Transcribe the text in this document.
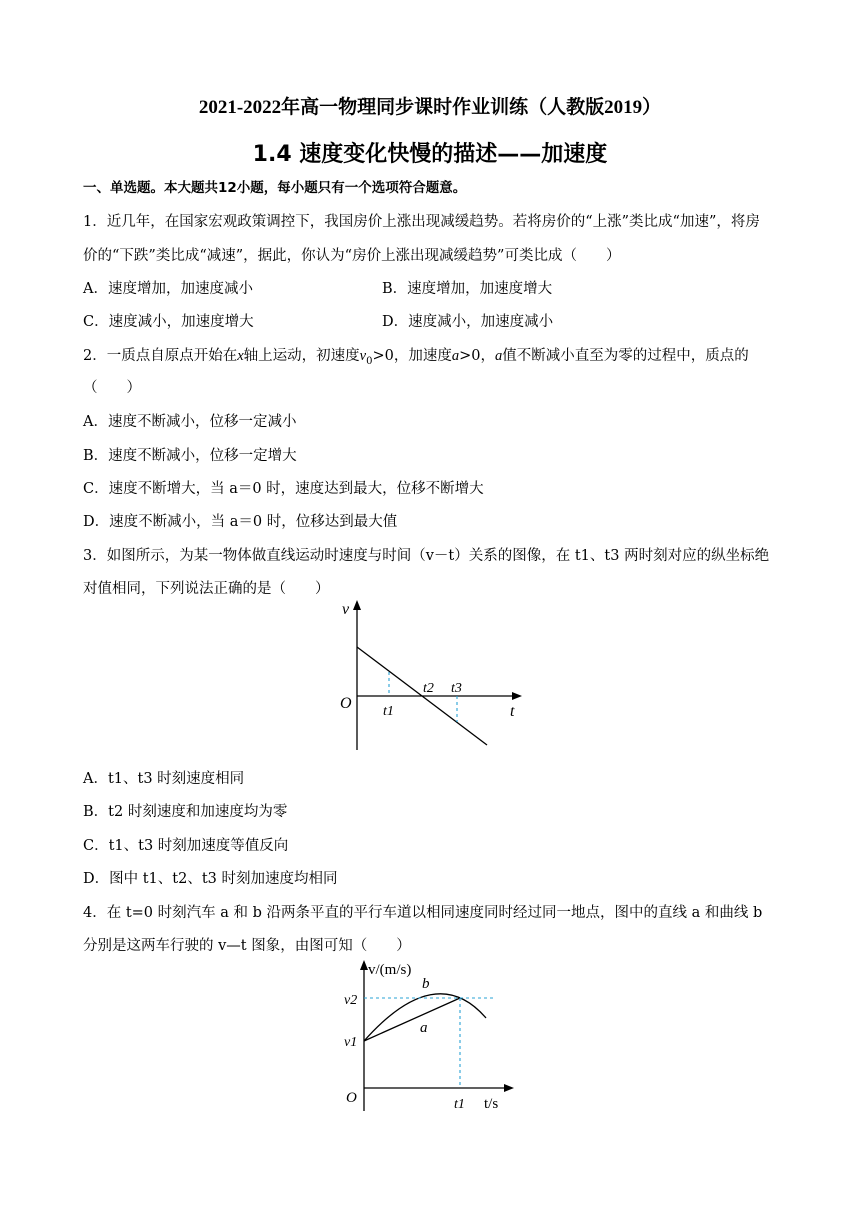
2021-2022年高一物理同步课时作业训练（人教版2019）
1.4 速度变化快慢的描述——加速度
一、单选题。本大题共12小题，每小题只有一个选项符合题意。
1．近几年，在国家宏观政策调控下，我国房价上涨出现减缓趋势。若将房价的“上涨”类比成“加速”，将房
价的“下跌”类比成“减速”，据此，你认为“房价上涨出现减缓趋势”可类比成（　　）
A．速度增加，加速度减小	B．速度增加，加速度增大
C．速度减小，加速度增大	D．速度减小，加速度减小
2．一质点自原点开始在x轴上运动，初速度$v_0>0$，加速度a>0，a值不断减小直至为零的过程中，质点的
（　　）
A．速度不断减小，位移一定减小
B．速度不断减小，位移一定增大
C．速度不断增大，当 a＝0 时，速度达到最大，位移不断增大
D．速度不断减小，当 a＝0 时，位移达到最大值
3．如图所示，为某一物体做直线运动时速度与时间（v－t）关系的图像，在 t1、t3 两时刻对应的纵坐标绝
对值相同，下列说法正确的是（　　）
v
t
O t1
t2 t3
A．t1、t3 时刻速度相同
B．t2 时刻速度和加速度均为零
C．t1、t3 时刻加速度等值反向
D．图中 t1、t2、t3 时刻加速度均相同
4．在 t=0 时刻汽车 a 和 b 沿两条平直的平行车道以相同速度同时经过同一地点，图中的直线 a 和曲线 b
分别是这两车行驶的 v—t 图象，由图可知（　　）
v/(m/s)
t/s
O
v2
v1
t1
a
b
